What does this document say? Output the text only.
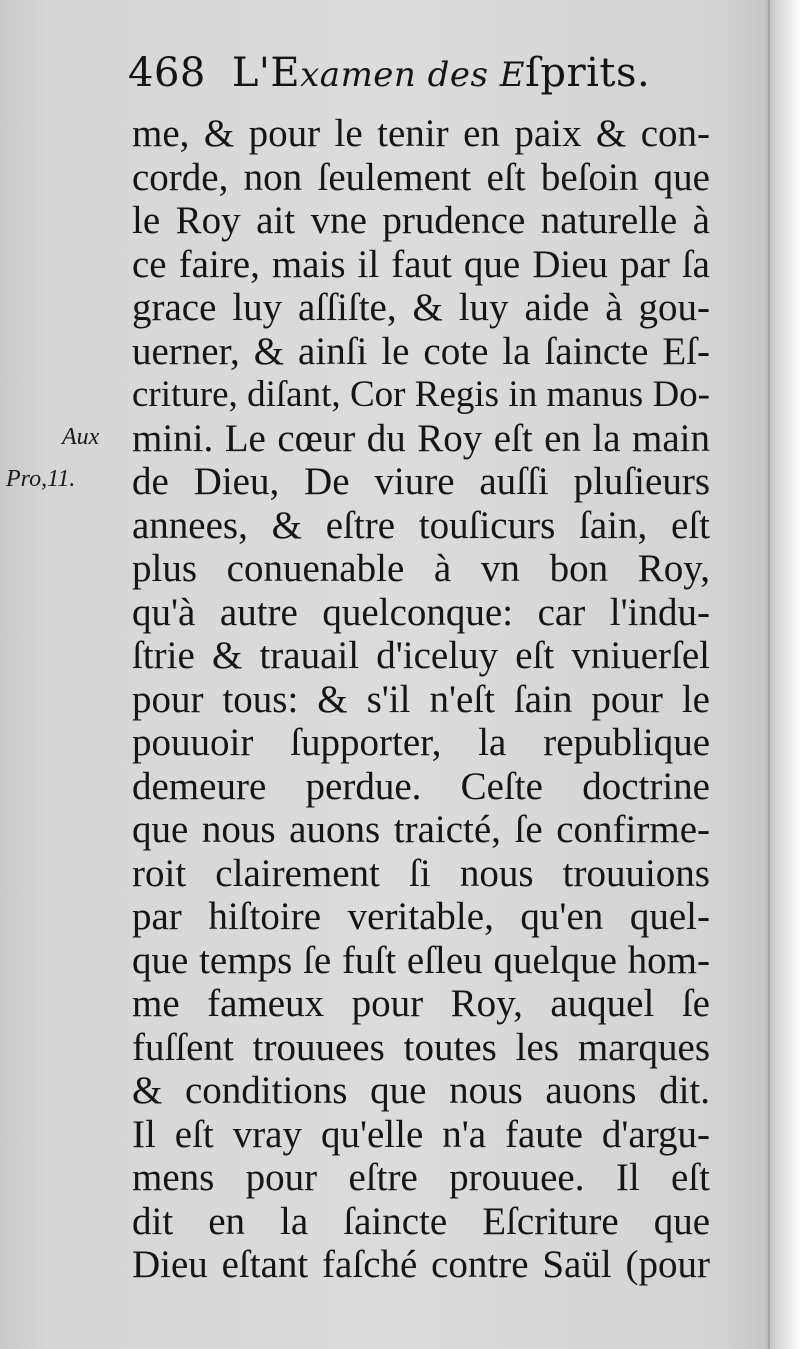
468 L'Examen des Eſprits.
Aux
Pro,11.
me, & pour le tenir en paix & con-
corde, non ſeulement eſt beſoin que
le Roy ait vne prudence naturelle à
ce faire, mais il faut que Dieu par ſa
grace luy aſſiſte, & luy aide à gou-
uerner, & ainſi le cote la ſaincte Eſ-
criture, diſant, Cor Regis in manus Do-
mini. Le cœur du Roy eſt en la main
de Dieu, De viure auſſi pluſieurs
annees, & eſtre touſicurs ſain, eſt
plus conuenable à vn bon Roy,
qu'à autre quelconque: car l'indu-
ſtrie & trauail d'iceluy eſt vniuerſel
pour tous: & s'il n'eſt ſain pour le
pouuoir ſupporter, la republique
demeure perdue. Ceſte doctrine
que nous auons traicté, ſe confirme-
roit clairement ſi nous trouuions
par hiſtoire veritable, qu'en quel-
que temps ſe fuſt eſleu quelque hom-
me fameux pour Roy, auquel ſe
fuſſent trouuees toutes les marques
& conditions que nous auons dit.
Il eſt vray qu'elle n'a faute d'argu-
mens pour eſtre prouuee. Il eſt
dit en la ſaincte Eſcriture que
Dieu eſtant faſché contre Saül (pour
